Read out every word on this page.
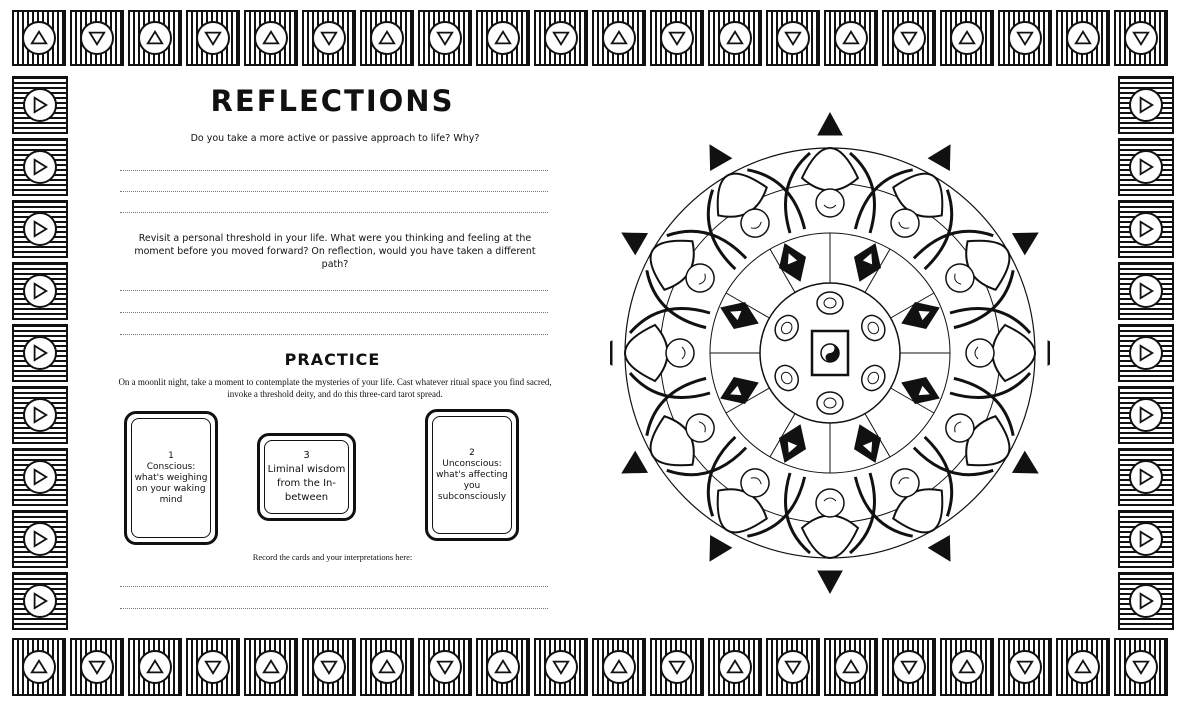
REFLECTIONS
Do you take a more active or passive approach to life? Why?
Revisit a personal threshold in your life. What were you thinking and feeling at the moment before you moved forward? On reflection, would you have taken a different path?
PRACTICE
On a moonlit night, take a moment to contemplate the mysteries of your life. Cast whatever ritual space you find sacred, invoke a threshold deity, and do this three-card tarot spread.
1
Conscious: what's weighing on your waking mind
3
Liminal wisdom from the In-between
2
Unconscious: what's affecting you subconsciously
Record the cards and your interpretations here:
